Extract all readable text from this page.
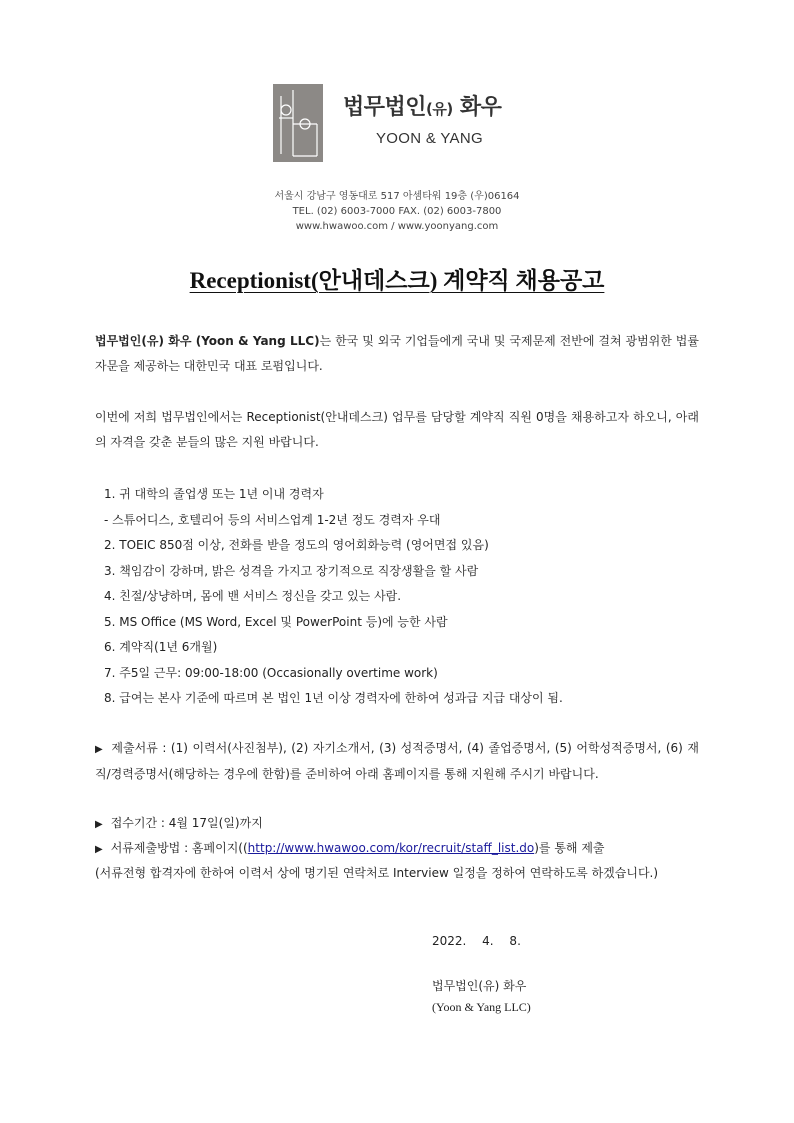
법무법인(유) 화우
YOON & YANG
서울시 강남구 영동대로 517 아셈타워 19층 (우)06164
TEL. (02) 6003-7000 FAX. (02) 6003-7800
www.hwawoo.com / www.yoonyang.com
Receptionist(안내데스크) 계약직 채용공고
법무법인(유) 화우 (Yoon & Yang LLC)는 한국 및 외국 기업들에게 국내 및 국제문제 전반에 걸쳐 광범위한 법률자문을 제공하는 대한민국 대표 로펌입니다.
이번에 저희 법무법인에서는 Receptionist(안내데스크) 업무를 담당할 계약직 직원 0명을 채용하고자 하오니, 아래의 자격을 갖춘 분들의 많은 지원 바랍니다.
1. 귀 대학의 졸업생 또는 1년 이내 경력자
- 스튜어디스, 호텔리어 등의 서비스업계 1-2년 정도 경력자 우대
2. TOEIC 850점 이상, 전화를 받을 정도의 영어회화능력 (영어면접 있음)
3. 책임감이 강하며, 밝은 성격을 가지고 장기적으로 직장생활을 할 사람
4. 친절/상냥하며, 몸에 밴 서비스 정신을 갖고 있는 사람.
5. MS Office (MS Word, Excel 및 PowerPoint 등)에 능한 사람
6. 계약직(1년 6개월)
7. 주5일 근무: 09:00-18:00 (Occasionally overtime work)
8. 급여는 본사 기준에 따르며 본 법인 1년 이상 경력자에 한하여 성과급 지급 대상이 됨.
▶ 제출서류 : (1) 이력서(사진첨부), (2) 자기소개서, (3) 성적증명서, (4) 졸업증명서, (5) 어학성적증명서, (6) 재직/경력증명서(해당하는 경우에 한함)를 준비하여 아래 홈페이지를 통해 지원해 주시기 바랍니다.
▶ 접수기간 : 4월 17일(일)까지
▶ 서류제출방법 : 홈페이지((http://www.hwawoo.com/kor/recruit/staff_list.do)를 통해 제출
(서류전형 합격자에 한하여 이력서 상에 명기된 연락처로 Interview 일정을 정하여 연락하도록 하겠습니다.)
2022. 4. 8.
법무법인(유) 화우
(Yoon & Yang LLC)
